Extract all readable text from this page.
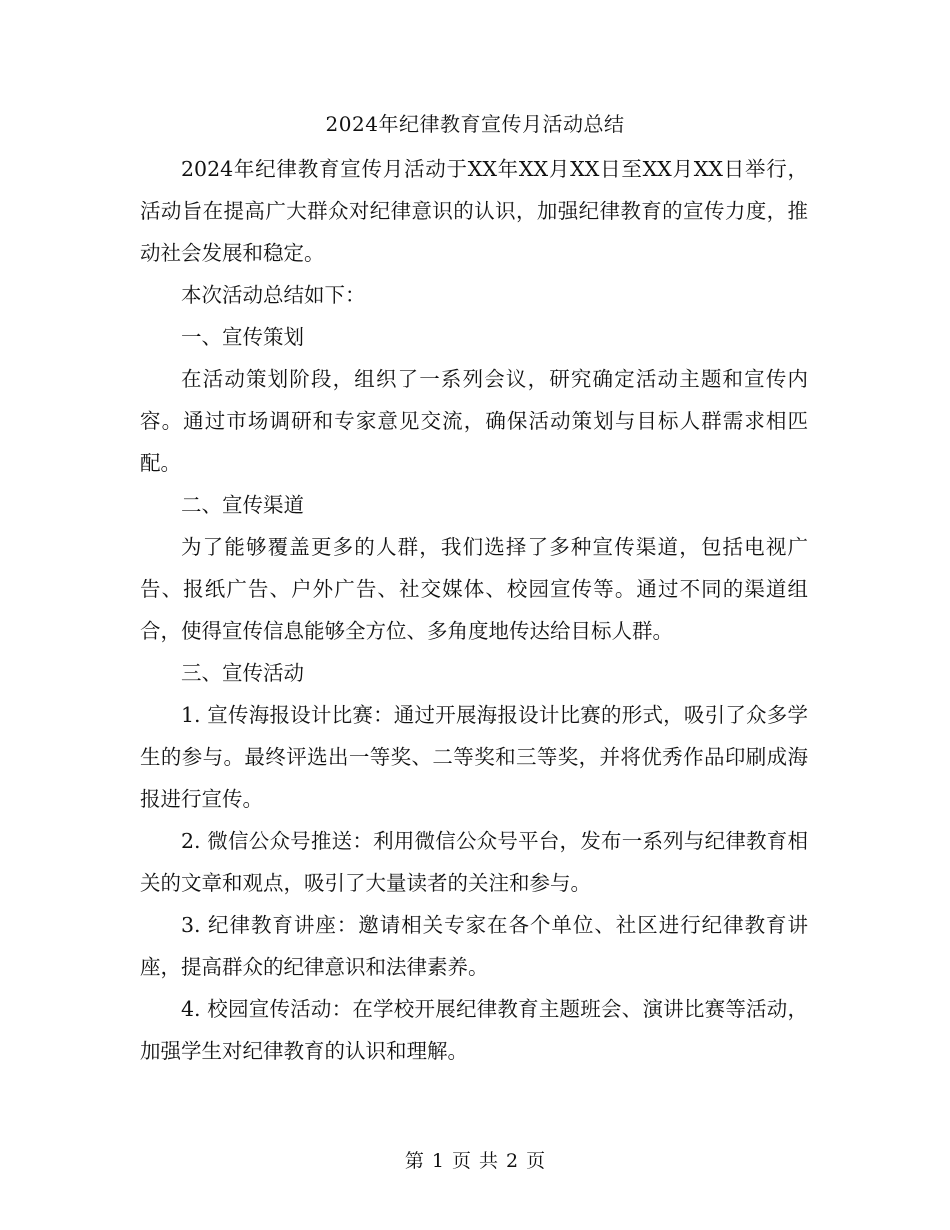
2024年纪律教育宣传月活动总结

2024年纪律教育宣传月活动于XX年XX月XX日至XX月XX日举行，活动旨在提高广大群众对纪律意识的认识，加强纪律教育的宣传力度，推动社会发展和稳定。

本次活动总结如下：

一、宣传策划

在活动策划阶段，组织了一系列会议，研究确定活动主题和宣传内容。通过市场调研和专家意见交流，确保活动策划与目标人群需求相匹配。

二、宣传渠道

为了能够覆盖更多的人群，我们选择了多种宣传渠道，包括电视广告、报纸广告、户外广告、社交媒体、校园宣传等。通过不同的渠道组合，使得宣传信息能够全方位、多角度地传达给目标人群。

三、宣传活动

1. 宣传海报设计比赛：通过开展海报设计比赛的形式，吸引了众多学生的参与。最终评选出一等奖、二等奖和三等奖，并将优秀作品印刷成海报进行宣传。

2. 微信公众号推送：利用微信公众号平台，发布一系列与纪律教育相关的文章和观点，吸引了大量读者的关注和参与。

3. 纪律教育讲座：邀请相关专家在各个单位、社区进行纪律教育讲座，提高群众的纪律意识和法律素养。

4. 校园宣传活动：在学校开展纪律教育主题班会、演讲比赛等活动，加强学生对纪律教育的认识和理解。

第 1 页 共 2 页
